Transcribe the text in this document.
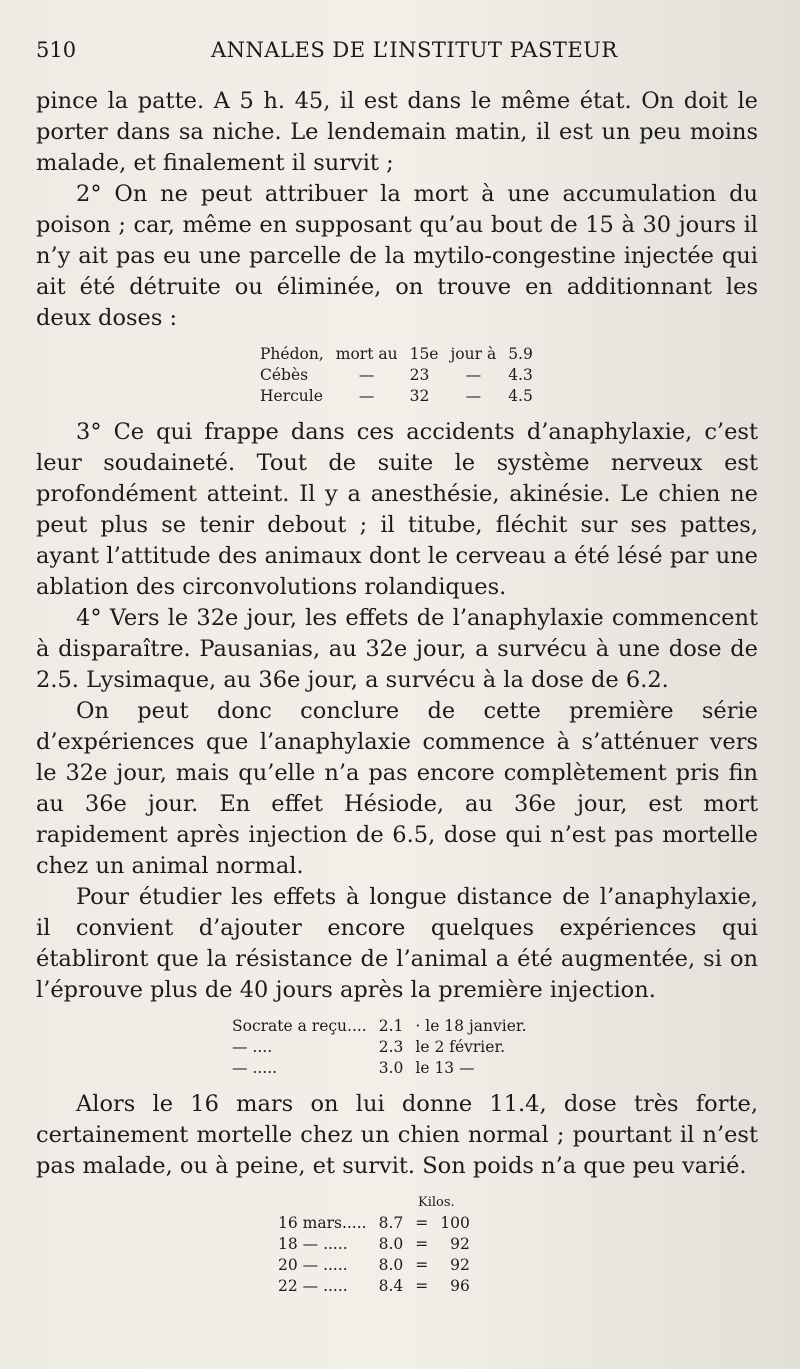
510	ANNALES DE L’INSTITUT PASTEUR

pince la patte. A 5 h. 45, il est dans le même état. On doit le porter dans sa niche. Le lendemain matin, il est un peu moins malade, et finalement il survit ;

2° On ne peut attribuer la mort à une accumulation du poison ; car, même en supposant qu’au bout de 15 à 30 jours il n’y ait pas eu une parcelle de la mytilo-congestine injectée qui ait été détruite ou éliminée, on trouve en additionnant les deux doses :

Phédon,	mort au	15e	jour à	5.9
Cébès	—	23	—	4.3
Hercule	—	32	—	4.5

3° Ce qui frappe dans ces accidents d’anaphylaxie, c’est leur soudaineté. Tout de suite le système nerveux est profondément atteint. Il y a anesthésie, akinésie. Le chien ne peut plus se tenir debout ; il titube, fléchit sur ses pattes, ayant l’attitude des animaux dont le cerveau a été lésé par une ablation des circonvolutions rolandiques.

4° Vers le 32e jour, les effets de l’anaphylaxie commencent à disparaître. Pausanias, au 32e jour, a survécu à une dose de 2.5. Lysimaque, au 36e jour, a survécu à la dose de 6.2.

On peut donc conclure de cette première série d’expériences que l’anaphylaxie commence à s’atténuer vers le 32e jour, mais qu’elle n’a pas encore complètement pris fin au 36e jour. En effet Hésiode, au 36e jour, est mort rapidement après injection de 6.5, dose qui n’est pas mortelle chez un animal normal.

Pour étudier les effets à longue distance de l’anaphylaxie, il convient d’ajouter encore quelques expériences qui établiront que la résistance de l’animal a été augmentée, si on l’éprouve plus de 40 jours après la première injection.

Socrate a reçu....	2.1	· le 18 janvier.
— ....	2.3	le 2 février.
— .....	3.0	le 13 —

Alors le 16 mars on lui donne 11.4, dose très forte, certainement mortelle chez un chien normal ; pourtant il n’est pas malade, ou à peine, et survit. Son poids n’a que peu varié.

Kilos.
16 mars.....	8.7	=	100
18 — .....	8.0	=	92
20 — .....	8.0	=	92
22 — .....	8.4	=	96
